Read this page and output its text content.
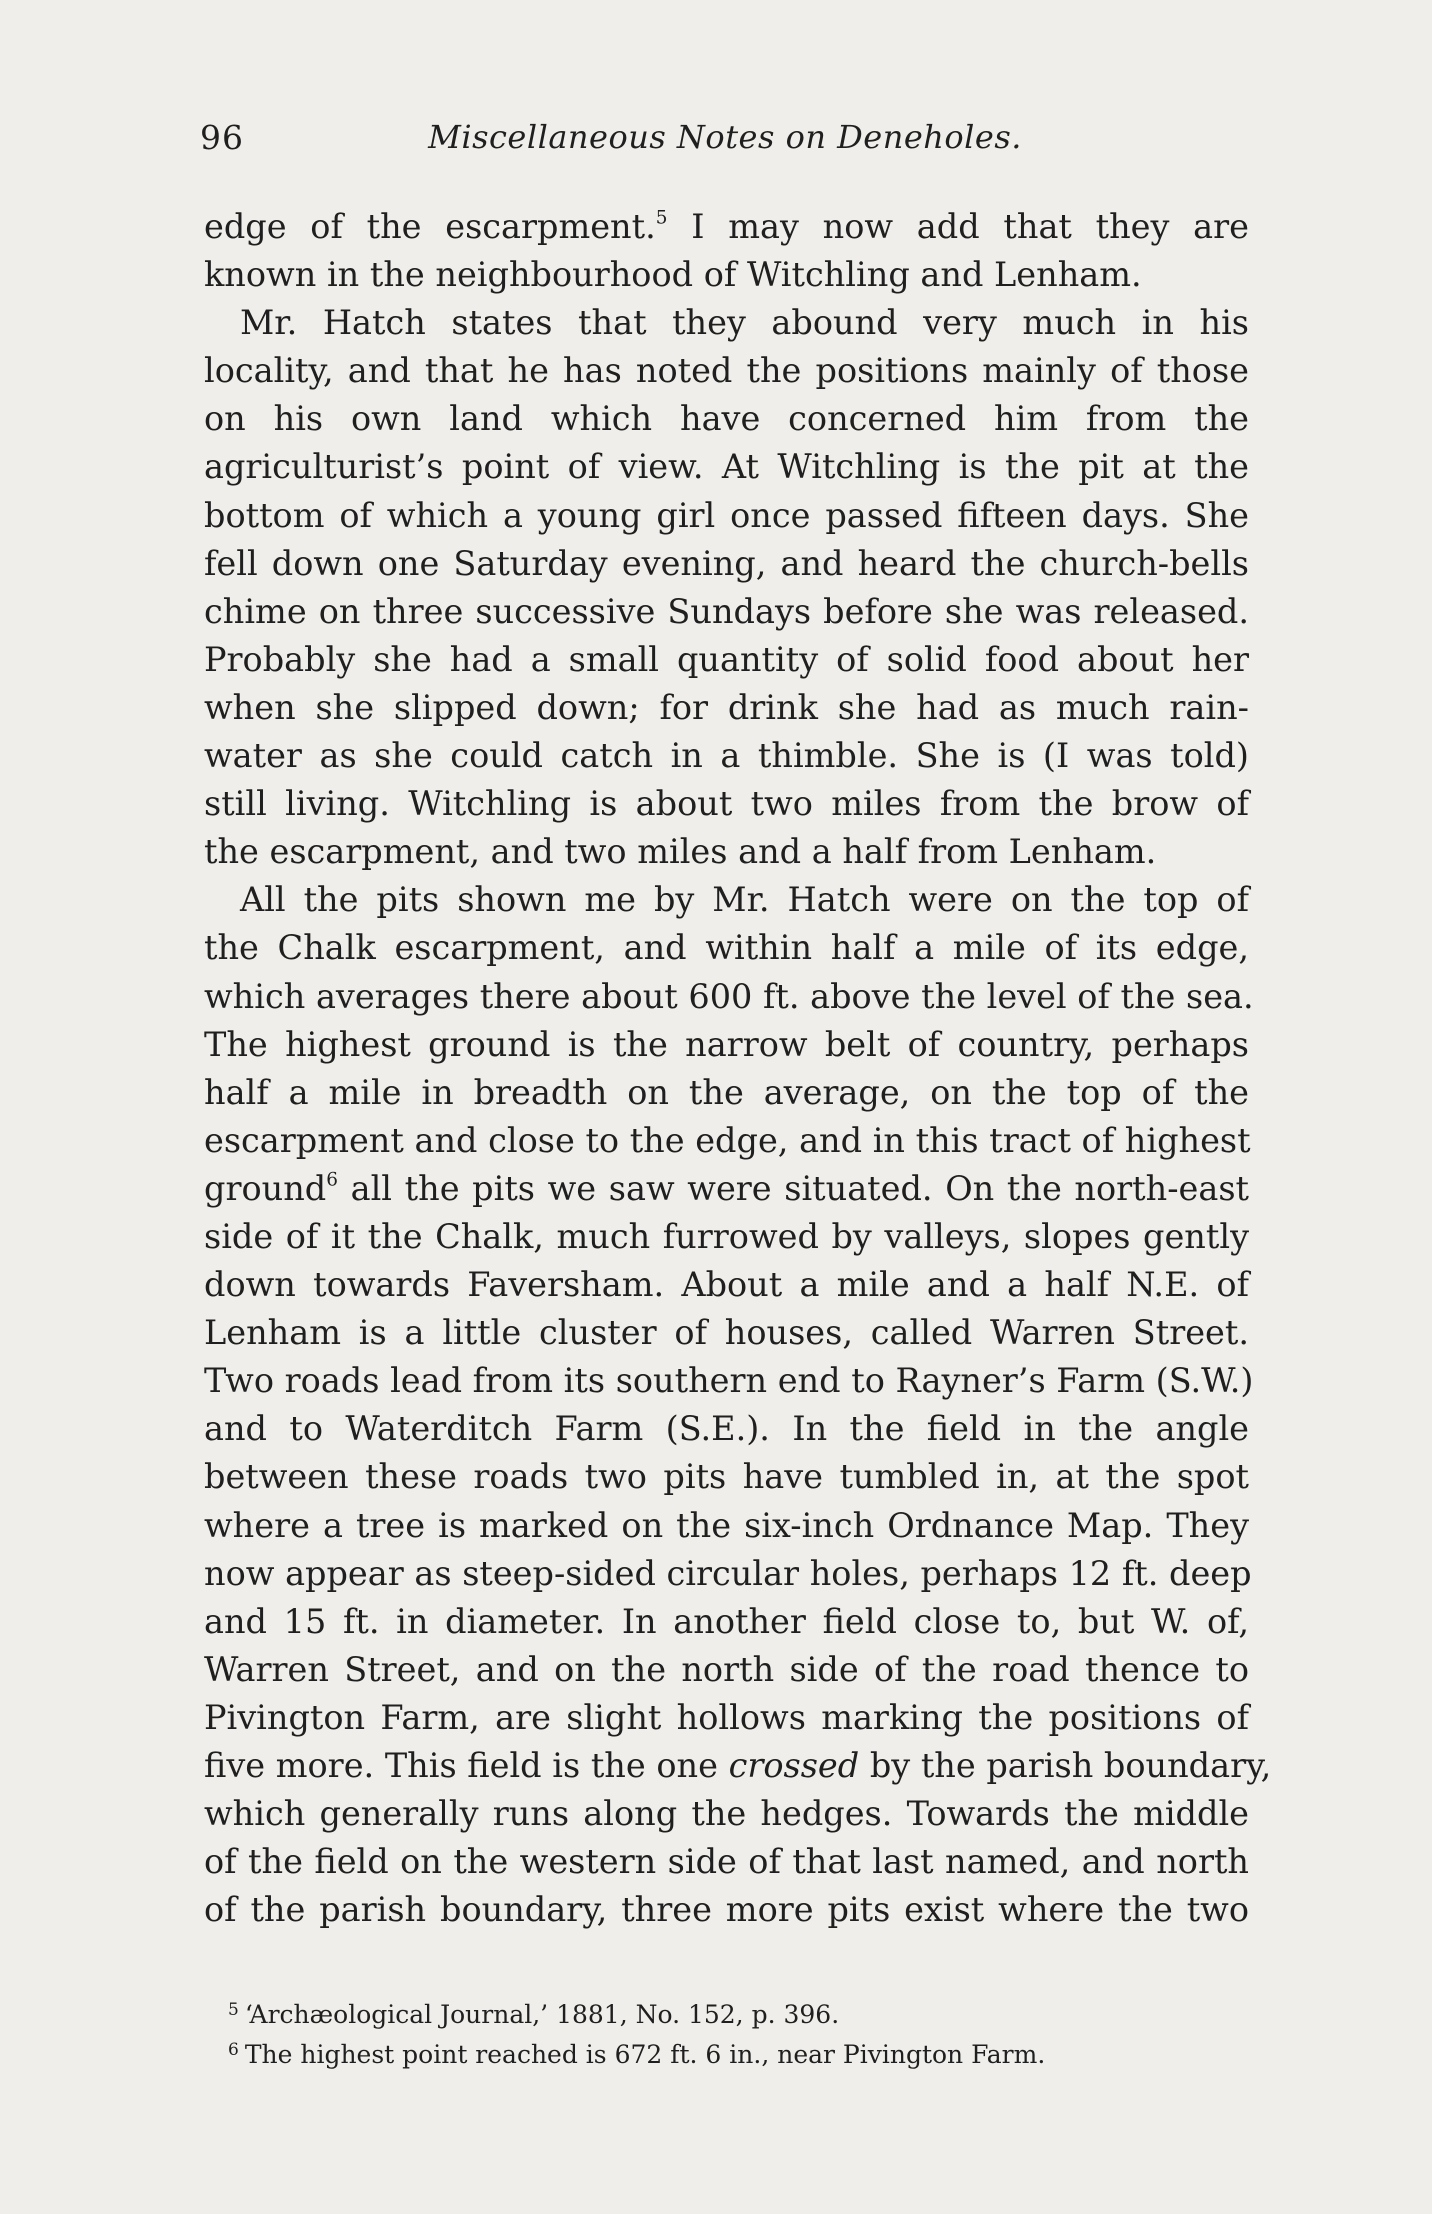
96	Miscellaneous Notes on Deneholes.
edge of the escarpment.$^5$ I may now add that they are
known in the neighbourhood of Witchling and Lenham.
Mr. Hatch states that they abound very much in his
locality, and that he has noted the positions mainly of those
on his own land which have concerned him from the
agriculturist’s point of view. At Witchling is the pit at the
bottom of which a young girl once passed fifteen days. She
fell down one Saturday evening, and heard the church-bells
chime on three successive Sundays before she was released.
Probably she had a small quantity of solid food about her
when she slipped down; for drink she had as much rain-
water as she could catch in a thimble. She is (I was told)
still living. Witchling is about two miles from the brow of
the escarpment, and two miles and a half from Lenham.
All the pits shown me by Mr. Hatch were on the top of
the Chalk escarpment, and within half a mile of its edge,
which averages there about 600 ft. above the level of the sea.
The highest ground is the narrow belt of country, perhaps
half a mile in breadth on the average, on the top of the
escarpment and close to the edge, and in this tract of highest
ground$^6$ all the pits we saw were situated. On the north-east
side of it the Chalk, much furrowed by valleys, slopes gently
down towards Faversham. About a mile and a half N.E. of
Lenham is a little cluster of houses, called Warren Street.
Two roads lead from its southern end to Rayner’s Farm (S.W.)
and to Waterditch Farm (S.E.). In the field in the angle
between these roads two pits have tumbled in, at the spot
where a tree is marked on the six-inch Ordnance Map. They
now appear as steep-sided circular holes, perhaps 12 ft. deep
and 15 ft. in diameter. In another field close to, but W. of,
Warren Street, and on the north side of the road thence to
Pivington Farm, are slight hollows marking the positions of
five more. This field is the one crossed by the parish boundary,
which generally runs along the hedges. Towards the middle
of the field on the western side of that last named, and north
of the parish boundary, three more pits exist where the two
$^5$ ‘Archæological Journal,’ 1881, No. 152, p. 396.
$^6$ The highest point reached is 672 ft. 6 in., near Pivington Farm.
